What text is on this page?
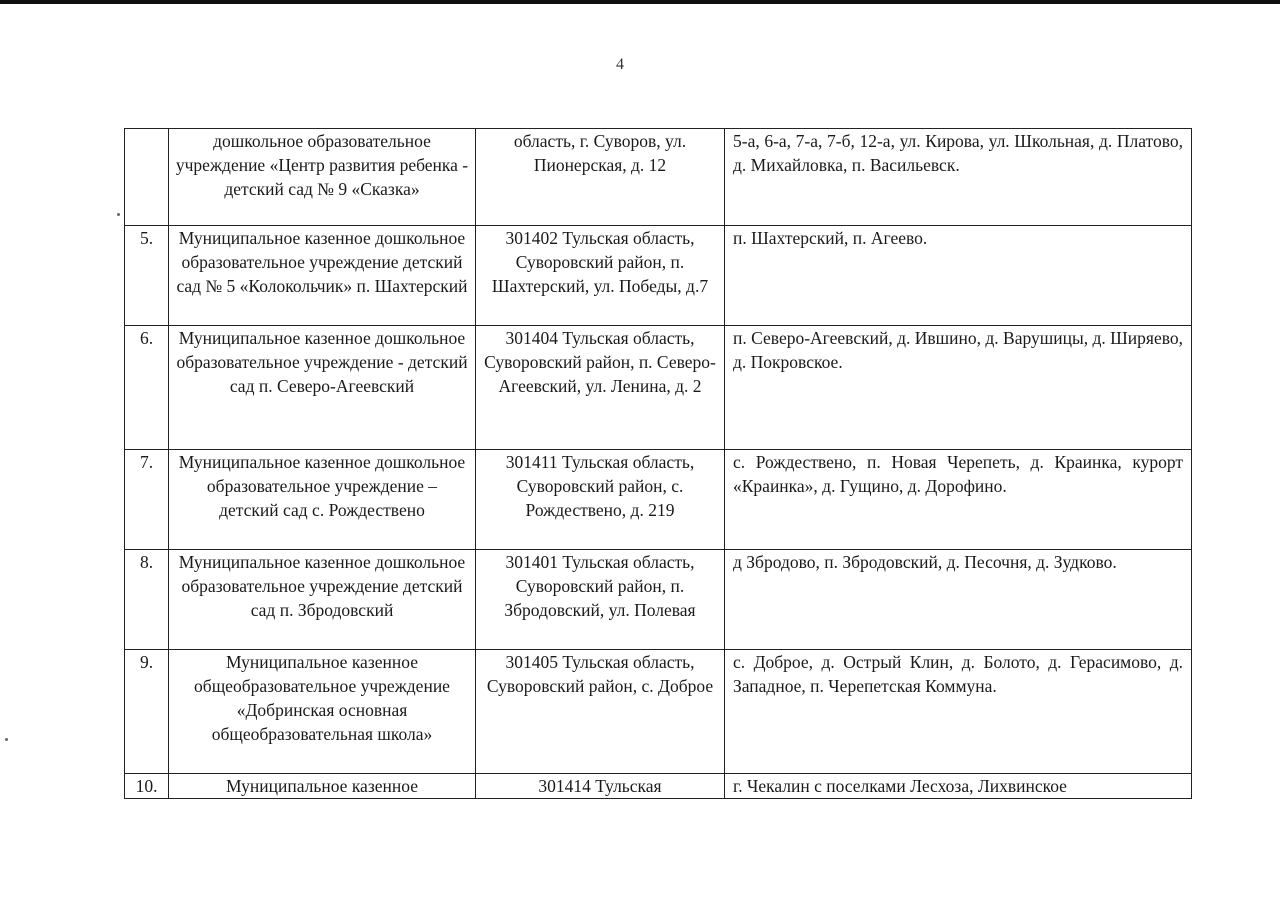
4
	дошкольное образовательное учреждение «Центр развития ребенка - детский сад № 9 «Сказка»	область, г. Суворов, ул. Пионерская, д. 12	5-а, 6-а, 7-а, 7-б, 12-а, ул. Кирова, ул. Школьная, д. Платово, д. Михайловка, п. Васильевск.
5.	Муниципальное казенное дошкольное образовательное учреждение детский сад № 5 «Колокольчик» п. Шахтерский	301402 Тульская область, Суворовский район, п. Шахтерский, ул. Победы, д.7	п. Шахтерский, п. Агеево.
6.	Муниципальное казенное дошкольное образовательное учреждение - детский сад п. Северо-Агеевский	301404 Тульская область, Суворовский район, п. Северо-Агеевский, ул. Ленина, д. 2	п. Северо-Агеевский, д. Ившино, д. Варушицы, д. Ширяево, д. Покровское.
7.	Муниципальное казенное дошкольное образовательное учреждение – детский сад с. Рождествено	301411 Тульская область, Суворовский район, с. Рождествено, д. 219	с. Рождествено, п. Новая Черепеть, д. Краинка, курорт «Краинка», д. Гущино, д. Дорофино.
8.	Муниципальное казенное дошкольное образовательное учреждение детский сад п. Збродовский	301401 Тульская область, Суворовский район, п. Збродовский, ул. Полевая	д Збродово, п. Збродовский, д. Песочня, д. Зудково.
9.	Муниципальное казенное общеобразовательное учреждение «Добринская основная общеобразовательная школа»	301405 Тульская область, Суворовский район, с. Доброе	с. Доброе, д. Острый Клин, д. Болото, д. Герасимово, д. Западное, п. Черепетская Коммуна.
10.	Муниципальное казенное	301414 Тульская	г. Чекалин с поселками Лесхоза, Лихвинское
